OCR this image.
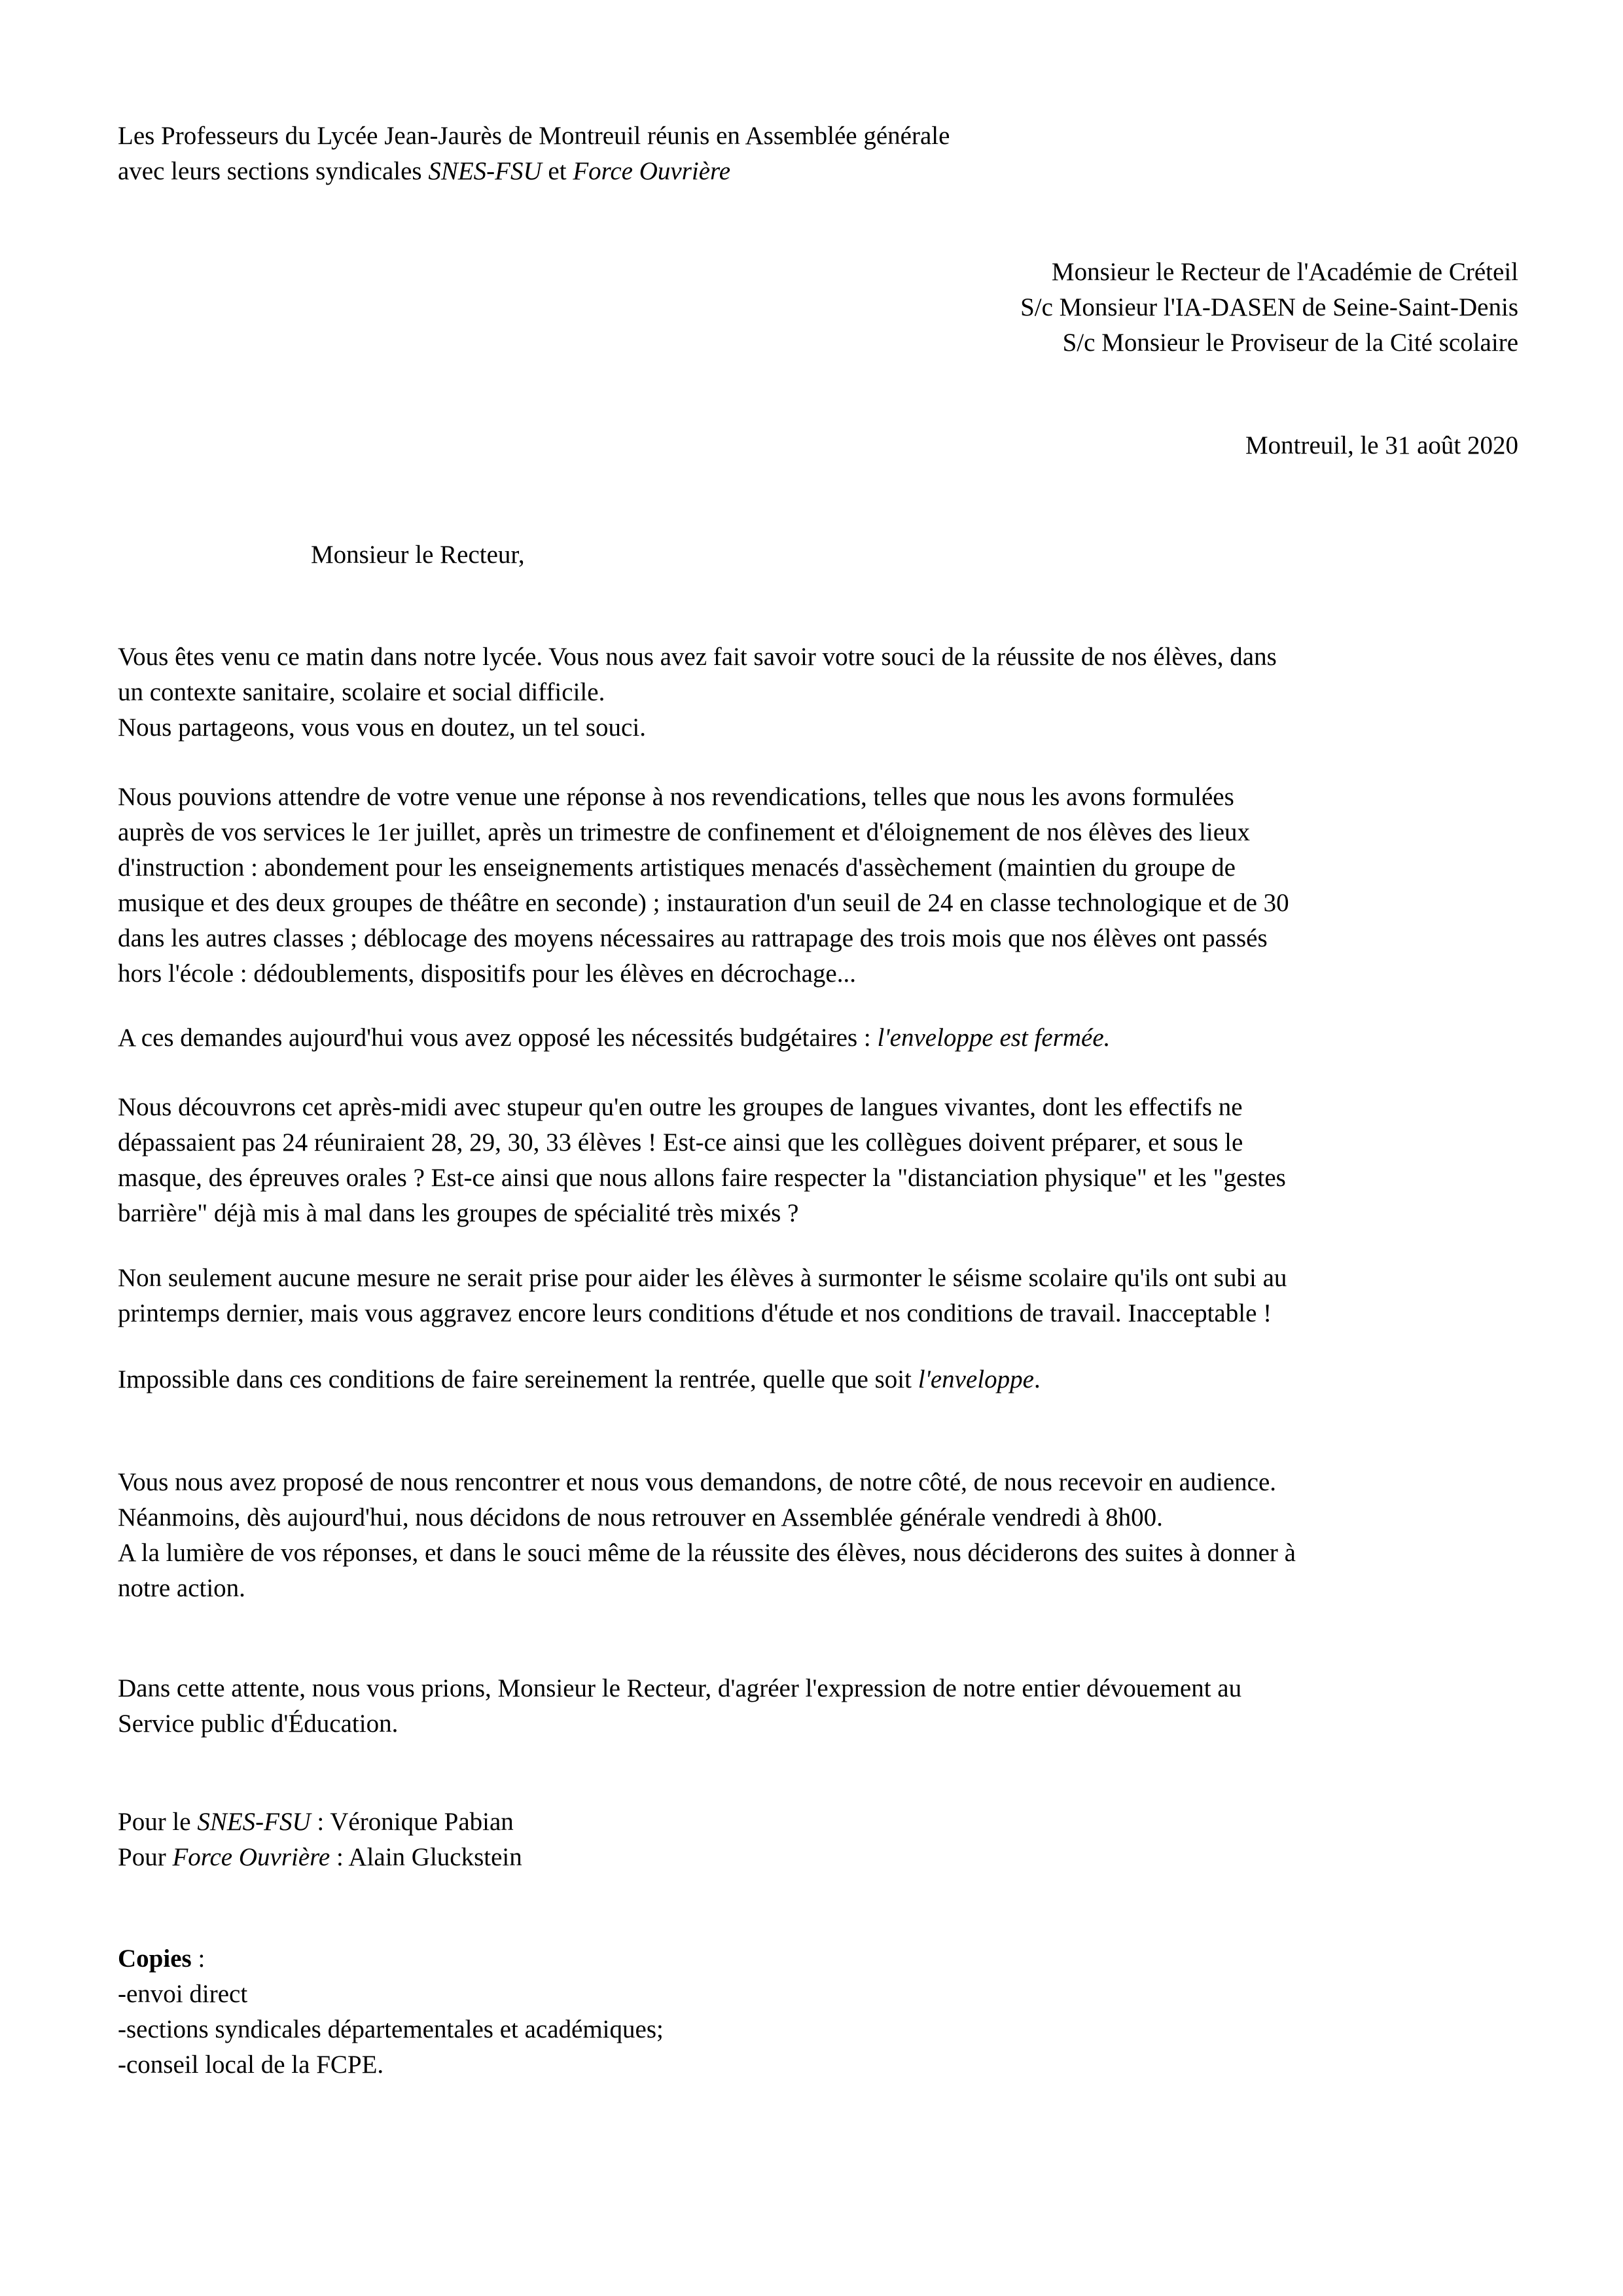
Les Professeurs du Lycée Jean-Jaurès de Montreuil réunis en Assemblée générale

avec leurs sections syndicales SNES-FSU et Force Ouvrière

Monsieur le Recteur de l'Académie de Créteil

S/c Monsieur l'IA-DASEN de Seine-Saint-Denis

S/c Monsieur le Proviseur de la Cité scolaire

Montreuil, le 31 août 2020
Monsieur le Recteur,

Vous êtes venu ce matin dans notre lycée. Vous nous avez fait savoir votre souci de la réussite de nos élèves, dans

un contexte sanitaire, scolaire et social difficile.

Nous partageons, vous vous en doutez, un tel souci.

Nous pouvions attendre de votre venue une réponse à nos revendications, telles que nous les avons formulées

auprès de vos services le 1er juillet, après un trimestre de confinement et d'éloignement de nos élèves des lieux

d'instruction : abondement pour les enseignements artistiques menacés d'assèchement (maintien du groupe de

musique et des deux groupes de théâtre en seconde) ; instauration d'un seuil de 24 en classe technologique et de 30

dans les autres classes ; déblocage des moyens nécessaires au rattrapage des trois mois que nos élèves ont passés

hors l'école : dédoublements, dispositifs pour les élèves en décrochage...

A ces demandes aujourd'hui vous avez opposé les nécessités budgétaires : l'enveloppe est fermée.

Nous découvrons cet après-midi avec stupeur qu'en outre les groupes de langues vivantes, dont les effectifs ne

dépassaient pas 24 réuniraient 28, 29, 30, 33 élèves ! Est-ce ainsi que les collègues doivent préparer, et sous le

masque, des épreuves orales ? Est-ce ainsi que nous allons faire respecter la "distanciation physique" et les "gestes

barrière" déjà mis à mal dans les groupes de spécialité très mixés ?

Non seulement aucune mesure ne serait prise pour aider les élèves à surmonter le séisme scolaire qu'ils ont subi au

printemps dernier, mais vous aggravez encore leurs conditions d'étude et nos conditions de travail. Inacceptable !

Impossible dans ces conditions de faire sereinement la rentrée, quelle que soit l'enveloppe.

Vous nous avez proposé de nous rencontrer et nous vous demandons, de notre côté, de nous recevoir en audience.

Néanmoins, dès aujourd'hui, nous décidons de nous retrouver en Assemblée générale vendredi à 8h00.

A la lumière de vos réponses, et dans le souci même de la réussite des élèves, nous déciderons des suites à donner à

notre action.

Dans cette attente, nous vous prions, Monsieur le Recteur, d'agréer l'expression de notre entier dévouement au

Service public d'Éducation.

Pour le SNES-FSU : Véronique Pabian

Pour Force Ouvrière : Alain Gluckstein

Copies :

-envoi direct

-sections syndicales départementales et académiques;

-conseil local de la FCPE.
